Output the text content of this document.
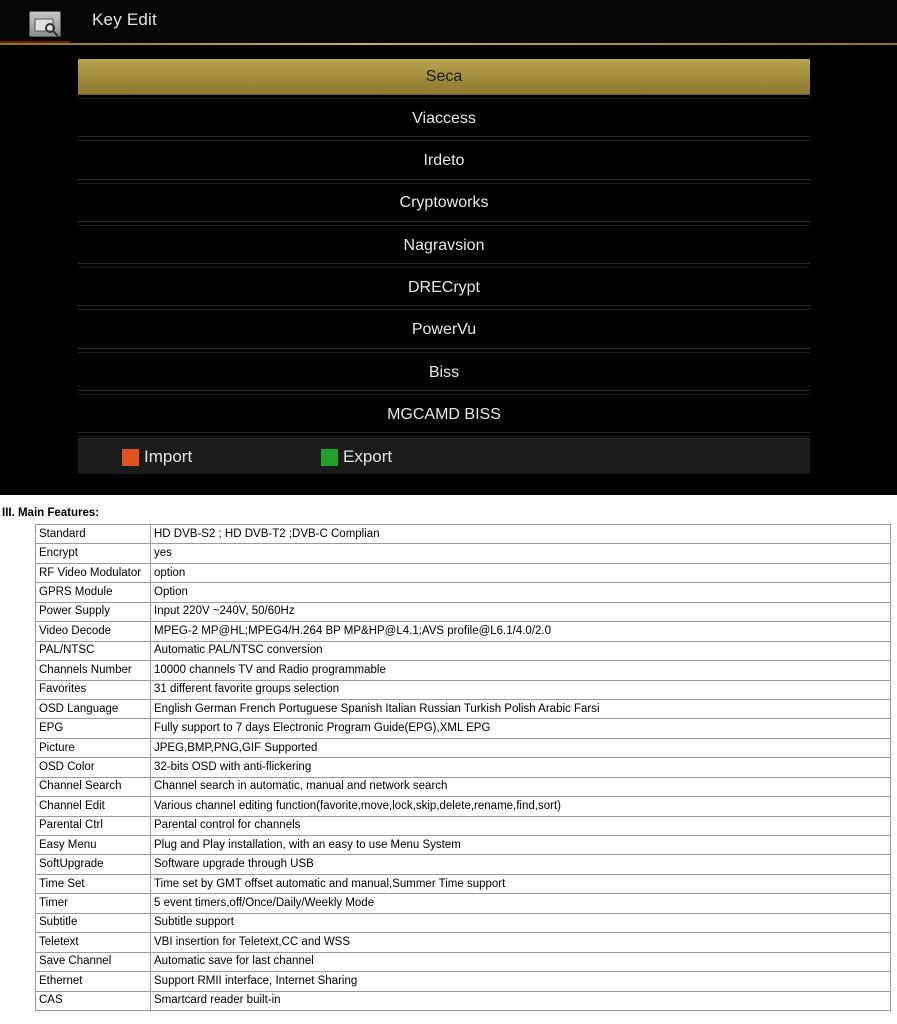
Key Edit
Seca
Viaccess
Irdeto
Cryptoworks
Nagravsion
DRECrypt
PowerVu
Biss
MGCAMD BISS
Import	Export
III. Main Features:
Standard	HD DVB-S2 ; HD DVB-T2 ;DVB-C Complian
Encrypt	yes
RF Video Modulator	option
GPRS Module	Option
Power Supply	Input 220V ~240V, 50/60Hz
Video Decode	MPEG-2 MP@HL;MPEG4/H.264 BP MP&HP@L4.1;AVS profile@L6.1/4.0/2.0
PAL/NTSC	Automatic PAL/NTSC conversion
Channels Number	10000 channels TV and Radio programmable
Favorites	31 different favorite groups selection
OSD Language	English German French Portuguese Spanish Italian Russian Turkish Polish Arabic Farsi
EPG	Fully support to 7 days Electronic Program Guide(EPG),XML EPG
Picture	JPEG,BMP,PNG,GIF Supported
OSD Color	32-bits OSD with anti-flickering
Channel Search	Channel search in automatic, manual and network search
Channel Edit	Various channel editing function(favorite,move,lock,skip,delete,rename,find,sort)
Parental Ctrl	Parental control for channels
Easy Menu	Plug and Play installation, with an easy to use Menu System
SoftUpgrade	Software upgrade through USB
Time Set	Time set by GMT offset automatic and manual,Summer Time support
Timer	5 event timers,off/Once/Daily/Weekly Mode
Subtitle	Subtitle support
Teletext	VBI insertion for Teletext,CC and WSS
Save Channel	Automatic save for last channel
Ethernet	Support RMII interface, Internet Sharing
CAS	Smartcard reader built-in
